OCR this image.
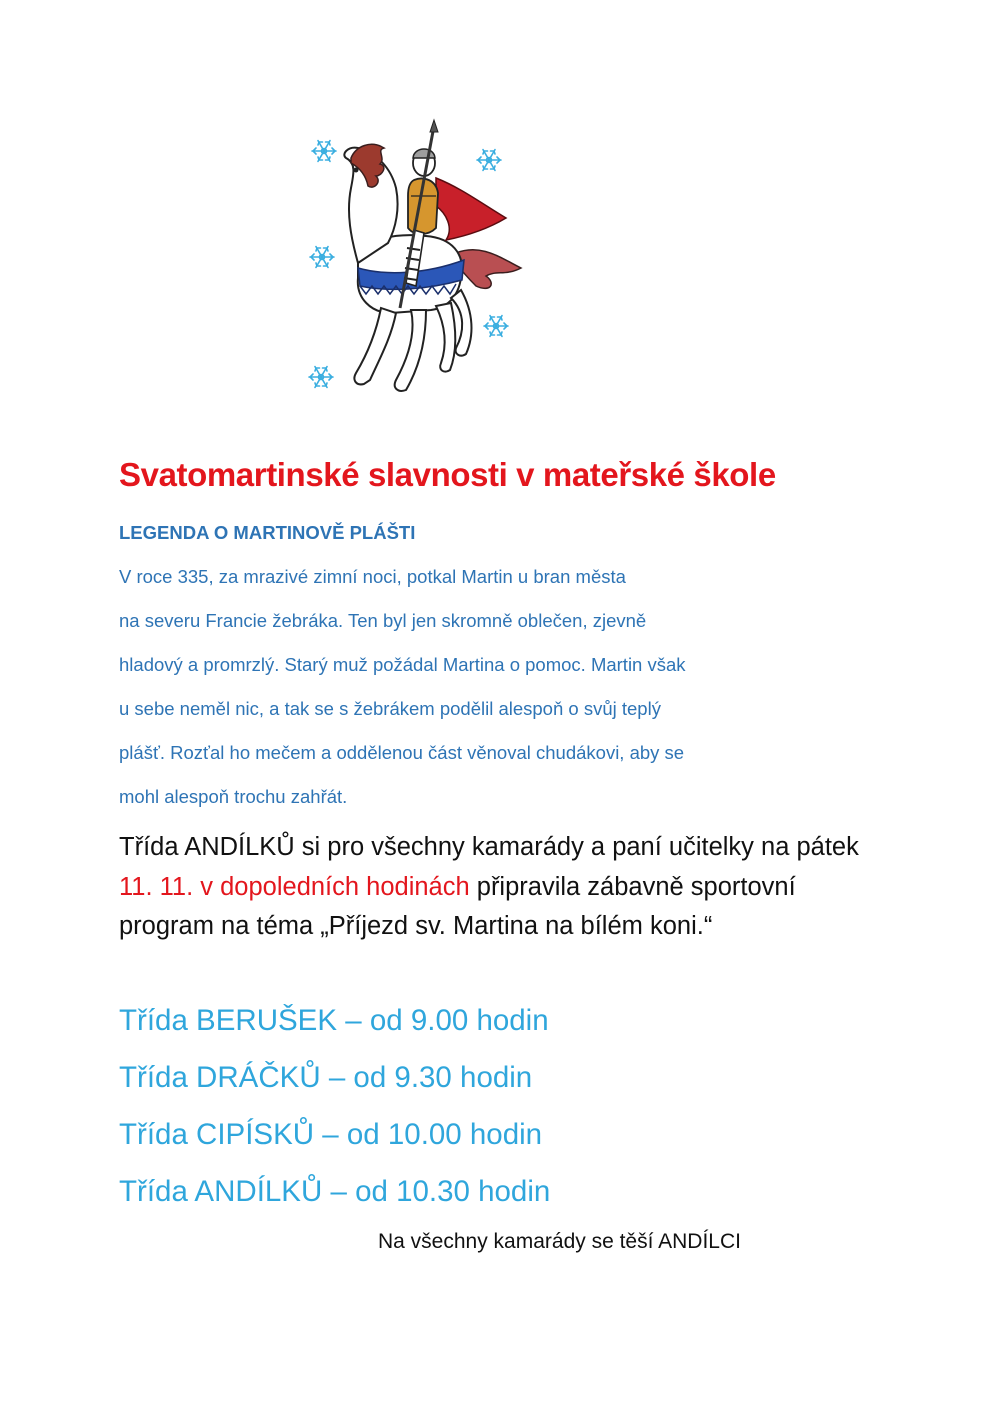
Svatomartinské slavnosti v mateřské škole
LEGENDA O MARTINOVĚ PLÁŠTI
V roce 335, za mrazivé zimní noci, potkal Martin u bran města
na severu Francie žebráka. Ten byl jen skromně oblečen, zjevně
hladový a promrzlý. Starý muž požádal Martina o pomoc. Martin však
u sebe neměl nic, a tak se s žebrákem podělil alespoň o svůj teplý
plášť. Rozťal ho mečem a oddělenou část věnoval chudákovi, aby se
mohl alespoň trochu zahřát.

Třída ANDÍLKŮ si pro všechny kamarády a paní učitelky na pátek 11. 11. v dopoledních hodinách připravila zábavně sportovní program na téma „Příjezd sv. Martina na bílém koni.“

Třída BERUŠEK – od 9.00 hodin
Třída DRÁČKŮ – od 9.30 hodin
Třída CIPÍSKŮ – od 10.00 hodin
Třída ANDÍLKŮ – od 10.30 hodin

Na všechny kamarády se těší ANDÍLCI
